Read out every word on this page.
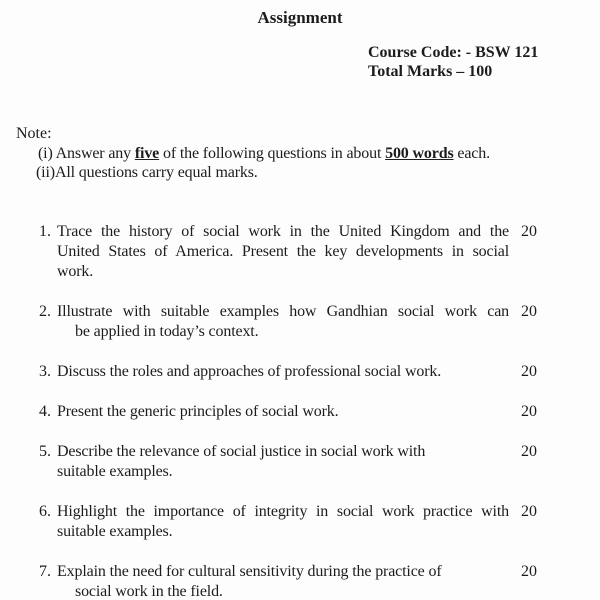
Assignment
Course Code: - BSW 121
Total Marks – 100
Note:
(i) Answer any five of the following questions in about 500 words each.
(ii)All questions carry equal marks.
1. Trace the history of social work in the United Kingdom and the
United States of America. Present the key developments in social
work.
20
2. Illustrate with suitable examples how Gandhian social work can
be applied in today’s context.
20
3. Discuss the roles and approaches of professional social work.	20
4. Present the generic principles of social work.	20
5. Describe the relevance of social justice in social work with
suitable examples.
20
6. Highlight the importance of integrity in social work practice with
suitable examples.
20
7. Explain the need for cultural sensitivity during the practice of
social work in the field.
20
